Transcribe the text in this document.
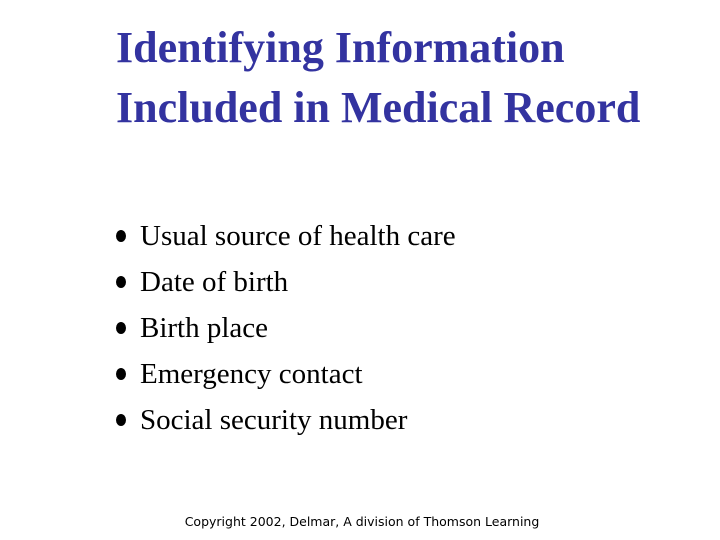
Identifying Information Included in Medical Record
Usual source of health care
Date of birth
Birth place
Emergency contact
Social security number
Copyright 2002, Delmar, A division of Thomson Learning
